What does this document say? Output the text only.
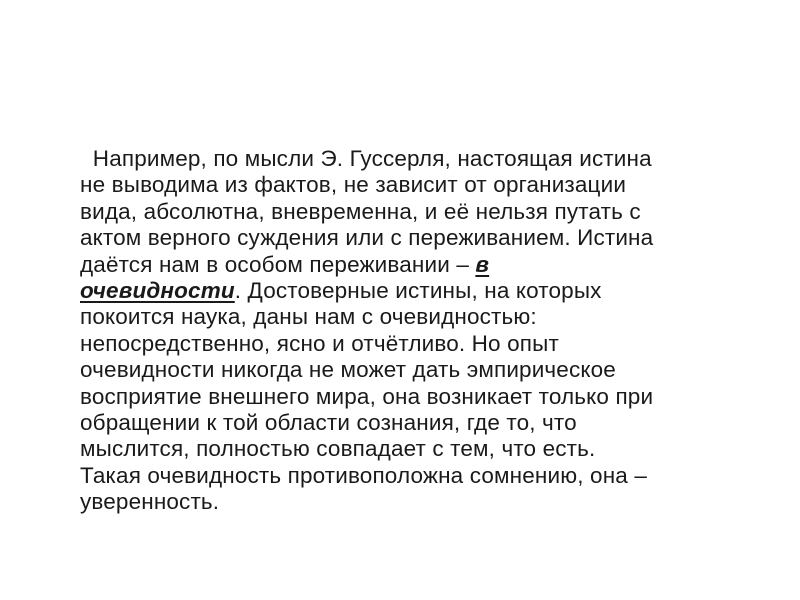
Например, по мысли Э. Гуссерля, настоящая истина
не выводима из фактов, не зависит от организации
вида, абсолютна, вневременна, и её нельзя путать с
актом верного суждения или с переживанием. Истина
даётся нам в особом переживании – в
очевидности. Достоверные истины, на которых
покоится наука, даны нам с очевидностью:
непосредственно, ясно и отчётливо. Но опыт
очевидности никогда не может дать эмпирическое
восприятие внешнего мира, она возникает только при
обращении к той области сознания, где то, что
мыслится, полностью совпадает с тем, что есть.
Такая очевидность противоположна сомнению, она –
уверенность.
